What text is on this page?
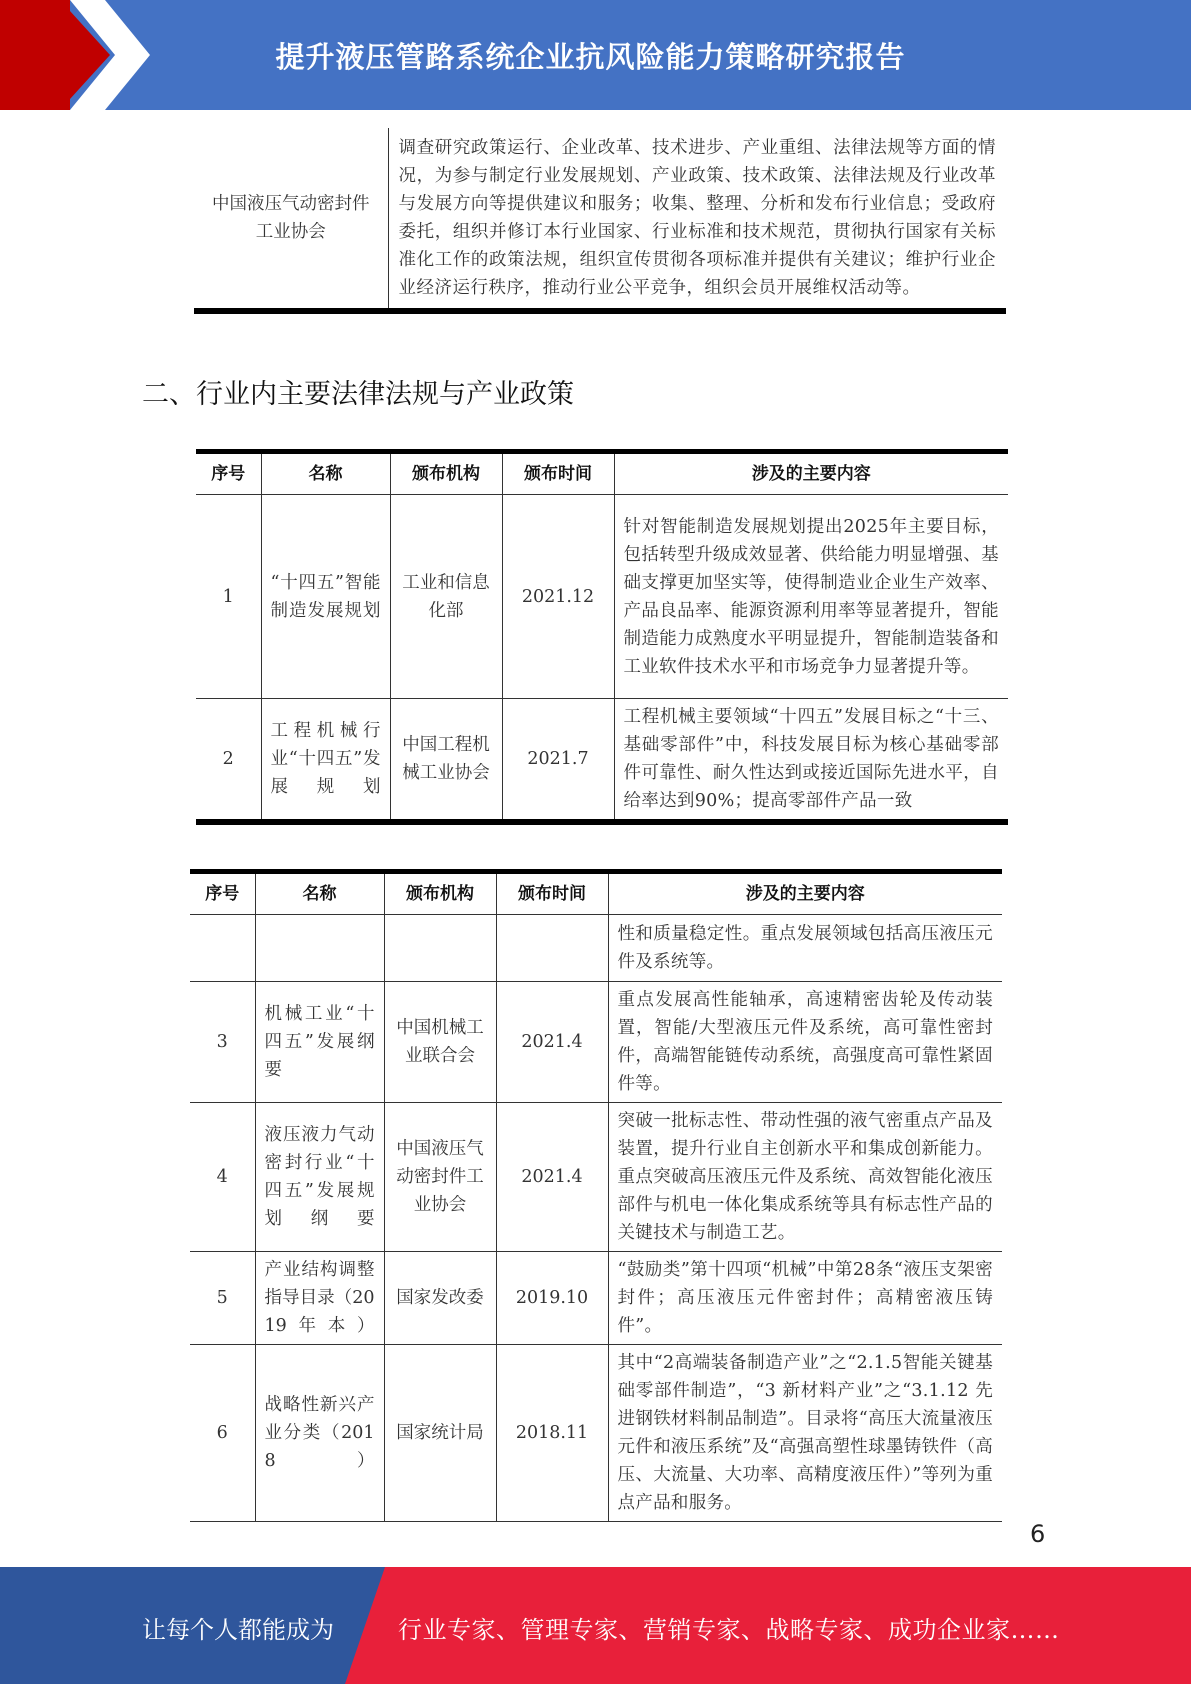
提升液压管路系统企业抗风险能力策略研究报告
中国液压气动密封件工业协会	调查研究政策运行、企业改革、技术进步、产业重组、法律法规等方面的情况，为参与制定行业发展规划、产业政策、技术政策、法律法规及行业改革与发展方向等提供建议和服务；收集、整理、分析和发布行业信息；受政府委托，组织并修订本行业国家、行业标准和技术规范，贯彻执行国家有关标准化工作的政策法规，组织宣传贯彻各项标准并提供有关建议；维护行业企业经济运行秩序，推动行业公平竞争，组织会员开展维权活动等。
二、行业内主要法律法规与产业政策
序号	名称	颁布机构	颁布时间	涉及的主要内容
1	“十四五”智能制造发展规划	工业和信息化部	2021.12	针对智能制造发展规划提出2025年主要目标，包括转型升级成效显著、供给能力明显增强、基础支撑更加坚实等，使得制造业企业生产效率、产品良品率、能源资源利用率等显著提升，智能制造能力成熟度水平明显提升，智能制造装备和工业软件技术水平和市场竞争力显著提升等。
2	工程机械行业“十四五”发展规划	中国工程机械工业协会	2021.7	工程机械主要领域“十四五”发展目标之“十三、基础零部件”中，科技发展目标为核心基础零部件可靠性、耐久性达到或接近国际先进水平，自给率达到90%；提高零部件产品一致
序号	名称	颁布机构	颁布时间	涉及的主要内容
				性和质量稳定性。重点发展领域包括高压液压元件及系统等。
3	机械工业“十四五”发展纲要	中国机械工业联合会	2021.4	重点发展高性能轴承，高速精密齿轮及传动装置，智能/大型液压元件及系统，高可靠性密封件，高端智能链传动系统，高强度高可靠性紧固件等。
4	液压液力气动密封行业“十四五”发展规划纲要	中国液压气动密封件工业协会	2021.4	突破一批标志性、带动性强的液气密重点产品及装置，提升行业自主创新水平和集成创新能力。重点突破高压液压元件及系统、高效智能化液压部件与机电一体化集成系统等具有标志性产品的关键技术与制造工艺。
5	产业结构调整指导目录（2019年本）	国家发改委	2019.10	“鼓励类”第十四项“机械”中第28条“液压支架密封件；高压液压元件密封件；高精密液压铸件”。
6	战略性新兴产业分类（2018）	国家统计局	2018.11	其中“2高端装备制造产业”之“2.1.5智能关键基础零部件制造”，“3 新材料产业”之“3.1.12 先进钢铁材料制品制造”。目录将“高压大流量液压元件和液压系统”及“高强高塑性球墨铸铁件（高压、大流量、大功率、高精度液压件）”等列为重点产品和服务。
6
让每个人都能成为	行业专家、管理专家、营销专家、战略专家、成功企业家……
